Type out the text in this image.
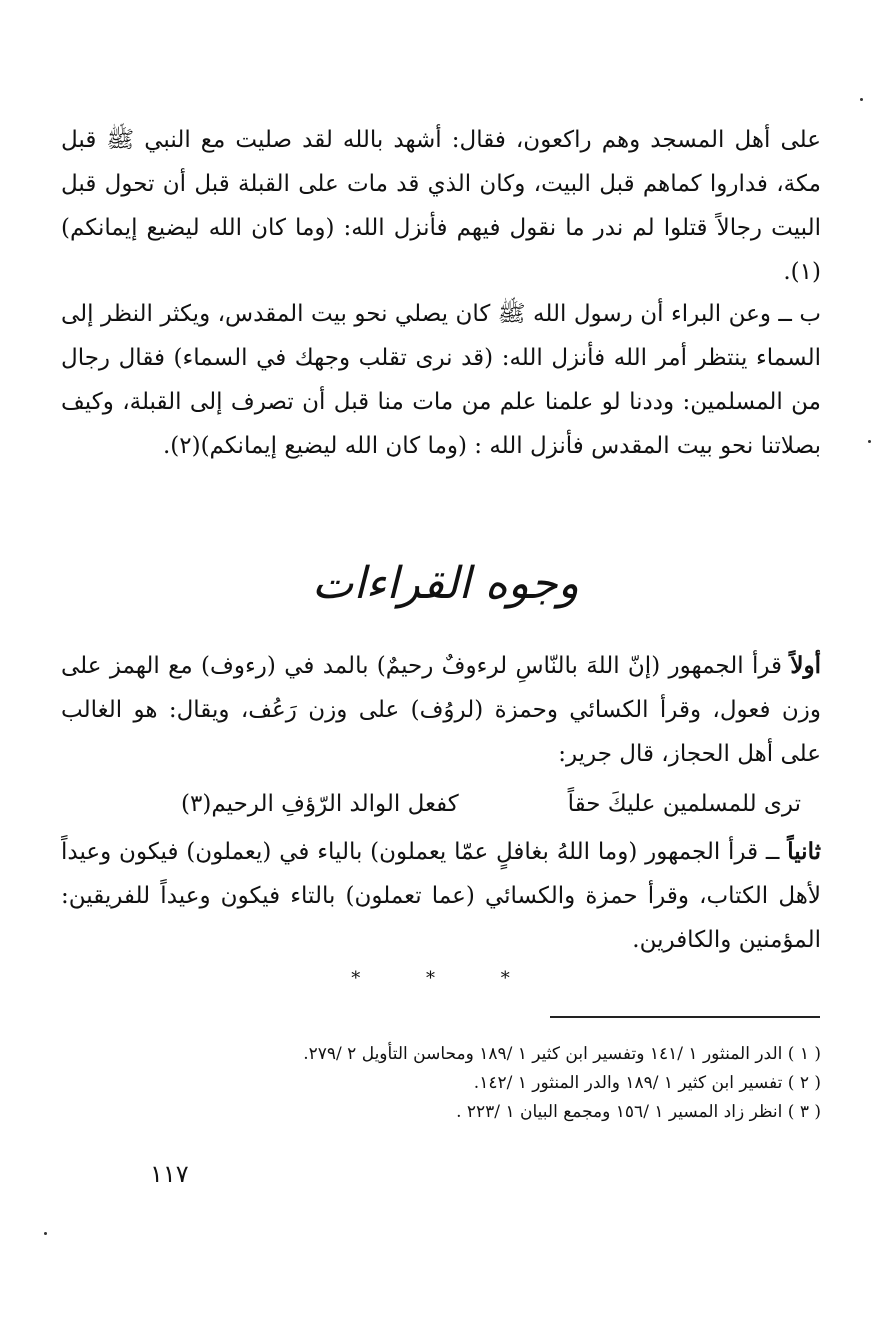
على أهل المسجد وهم راكعون، فقال: أشهد بالله لقد صليت مع النبي ﷺ قبل مكة، فداروا كماهم قبل البيت، وكان الذي قد مات على القبلة قبل أن تحول قبل البيت رجالاً قتلوا لم ندر ما نقول فيهم فأنزل الله: (وما كان الله ليضيع إيمانكم)(١).

ب ــ وعن البراء أن رسول الله ﷺ كان يصلي نحو بيت المقدس، ويكثر النظر إلى السماء ينتظر أمر الله فأنزل الله: (قد نرى تقلب وجهك في السماء) فقال رجال من المسلمين: وددنا لو علمنا علم من مات منا قبل أن تصرف إلى القبلة، وكيف بصلاتنا نحو بيت المقدس فأنزل الله : (وما كان الله ليضيع إيمانكم)(٢).

وجوه القراءات

أولاً قرأ الجمهور (إنّ اللهَ بالنّاسِ لرءوفٌ رحيمٌ) بالمد في (رءوف) مع الهمز على وزن فعول، وقرأ الكسائي وحمزة (لروُف) على وزن رَعُف، ويقال: هو الغالب على أهل الحجاز، قال جرير:

ترى للمسلمين عليكَ حقاً
كفعل الوالد الرّؤفِ الرحيم(٣)

ثانياً ــ قرأ الجمهور (وما اللهُ بغافلٍ عمّا يعملون) بالياء في (يعملون) فيكون وعيداً لأهل الكتاب، وقرأ حمزة والكسائي (عما تعملون) بالتاء فيكون وعيداً للفريقين: المؤمنين والكافرين.

* * *
( ١ ) الدر المنثور ١ /١٤١ وتفسير ابن كثير ١ /١٨٩ ومحاسن التأويل ٢ /٢٧٩.
( ٢ ) تفسير ابن كثير ١ /١٨٩ والدر المنثور ١ /١٤٢.
( ٣ ) انظر زاد المسير ١ /١٥٦ ومجمع البيان ١ /٢٢٣ .
١١٧
